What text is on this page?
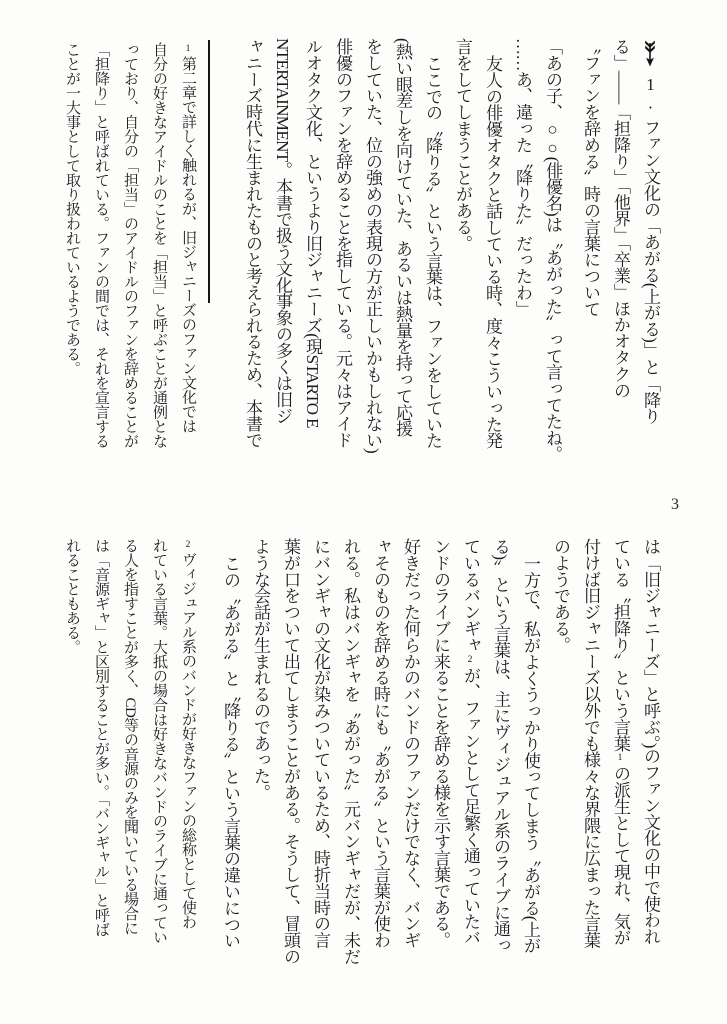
1.ファン文化の「あがる(上がる)」と「降り
る」――「担降り」「他界」「卒業」ほかオタクの
〝ファンを辞める〟時の言葉について
「あの子、○○(俳優名)は〝あがった〟って言ってたね。
……あ、違った〝降りた〟だったわ」
友人の俳優オタクと話している時、度々こういった発
言をしてしまうことがある。
ここでの〝降りる〟という言葉は、ファンをしていた
(熱い眼差しを向けていた、あるいは熱量を持って応援
をしていた、位の強めの表現の方が正しいかもしれない)
俳優のファンを辞めることを指している。元々はアイド
ルオタク文化、というより旧ジャニーズ(現STARTO E
NTERTAINMENT。本書で扱う文化事象の多くは旧ジ
ャニーズ時代に生まれたものと考えられるため、本書で
1第二章で詳しく触れるが、旧ジャニーズのファン文化では
自分の好きなアイドルのことを「担当」と呼ぶことが通例とな
っており、自分の「担当」のアイドルのファンを辞めることが
「担降り」と呼ばれている。ファンの間では、それを宣言する
ことが一大事として取り扱われているようである。
3
は「旧ジャニーズ」と呼ぶ。)のファン文化の中で使われ
ている〝担降り〟という言葉1の派生として現れ、気が
付けば旧ジャニーズ以外でも様々な界隈に広まった言葉
のようである。
一方で、私がよくうっかり使ってしまう〝あがる(上が
る)〟という言葉は、主にヴィジュアル系のライブに通っ
ているバンギャ2が、ファンとして足繁く通っていたバ
ンドのライブに来ることを辞める様を示す言葉である。
好きだった何らかのバンドのファンだけでなく、バンギ
ャそのものを辞める時にも〝あがる〟という言葉が使わ
れる。私はバンギャを〝あがった〟元バンギャだが、未だ
にバンギャの文化が染みついているため、時折当時の言
葉が口をついて出てしまうことがある。そうして、冒頭の
ような会話が生まれるのであった。
この〝あがる〟と〝降りる〟という言葉の違いについ
2ヴィジュアル系のバンドが好きなファンの総称として使わ
れている言葉。大抵の場合は好きなバンドのライブに通ってい
る人を指すことが多く、CD等の音源のみを聞いている場合に
は「音源ギャ」と区別することが多い。「バンギャル」と呼ば
れることもある。
